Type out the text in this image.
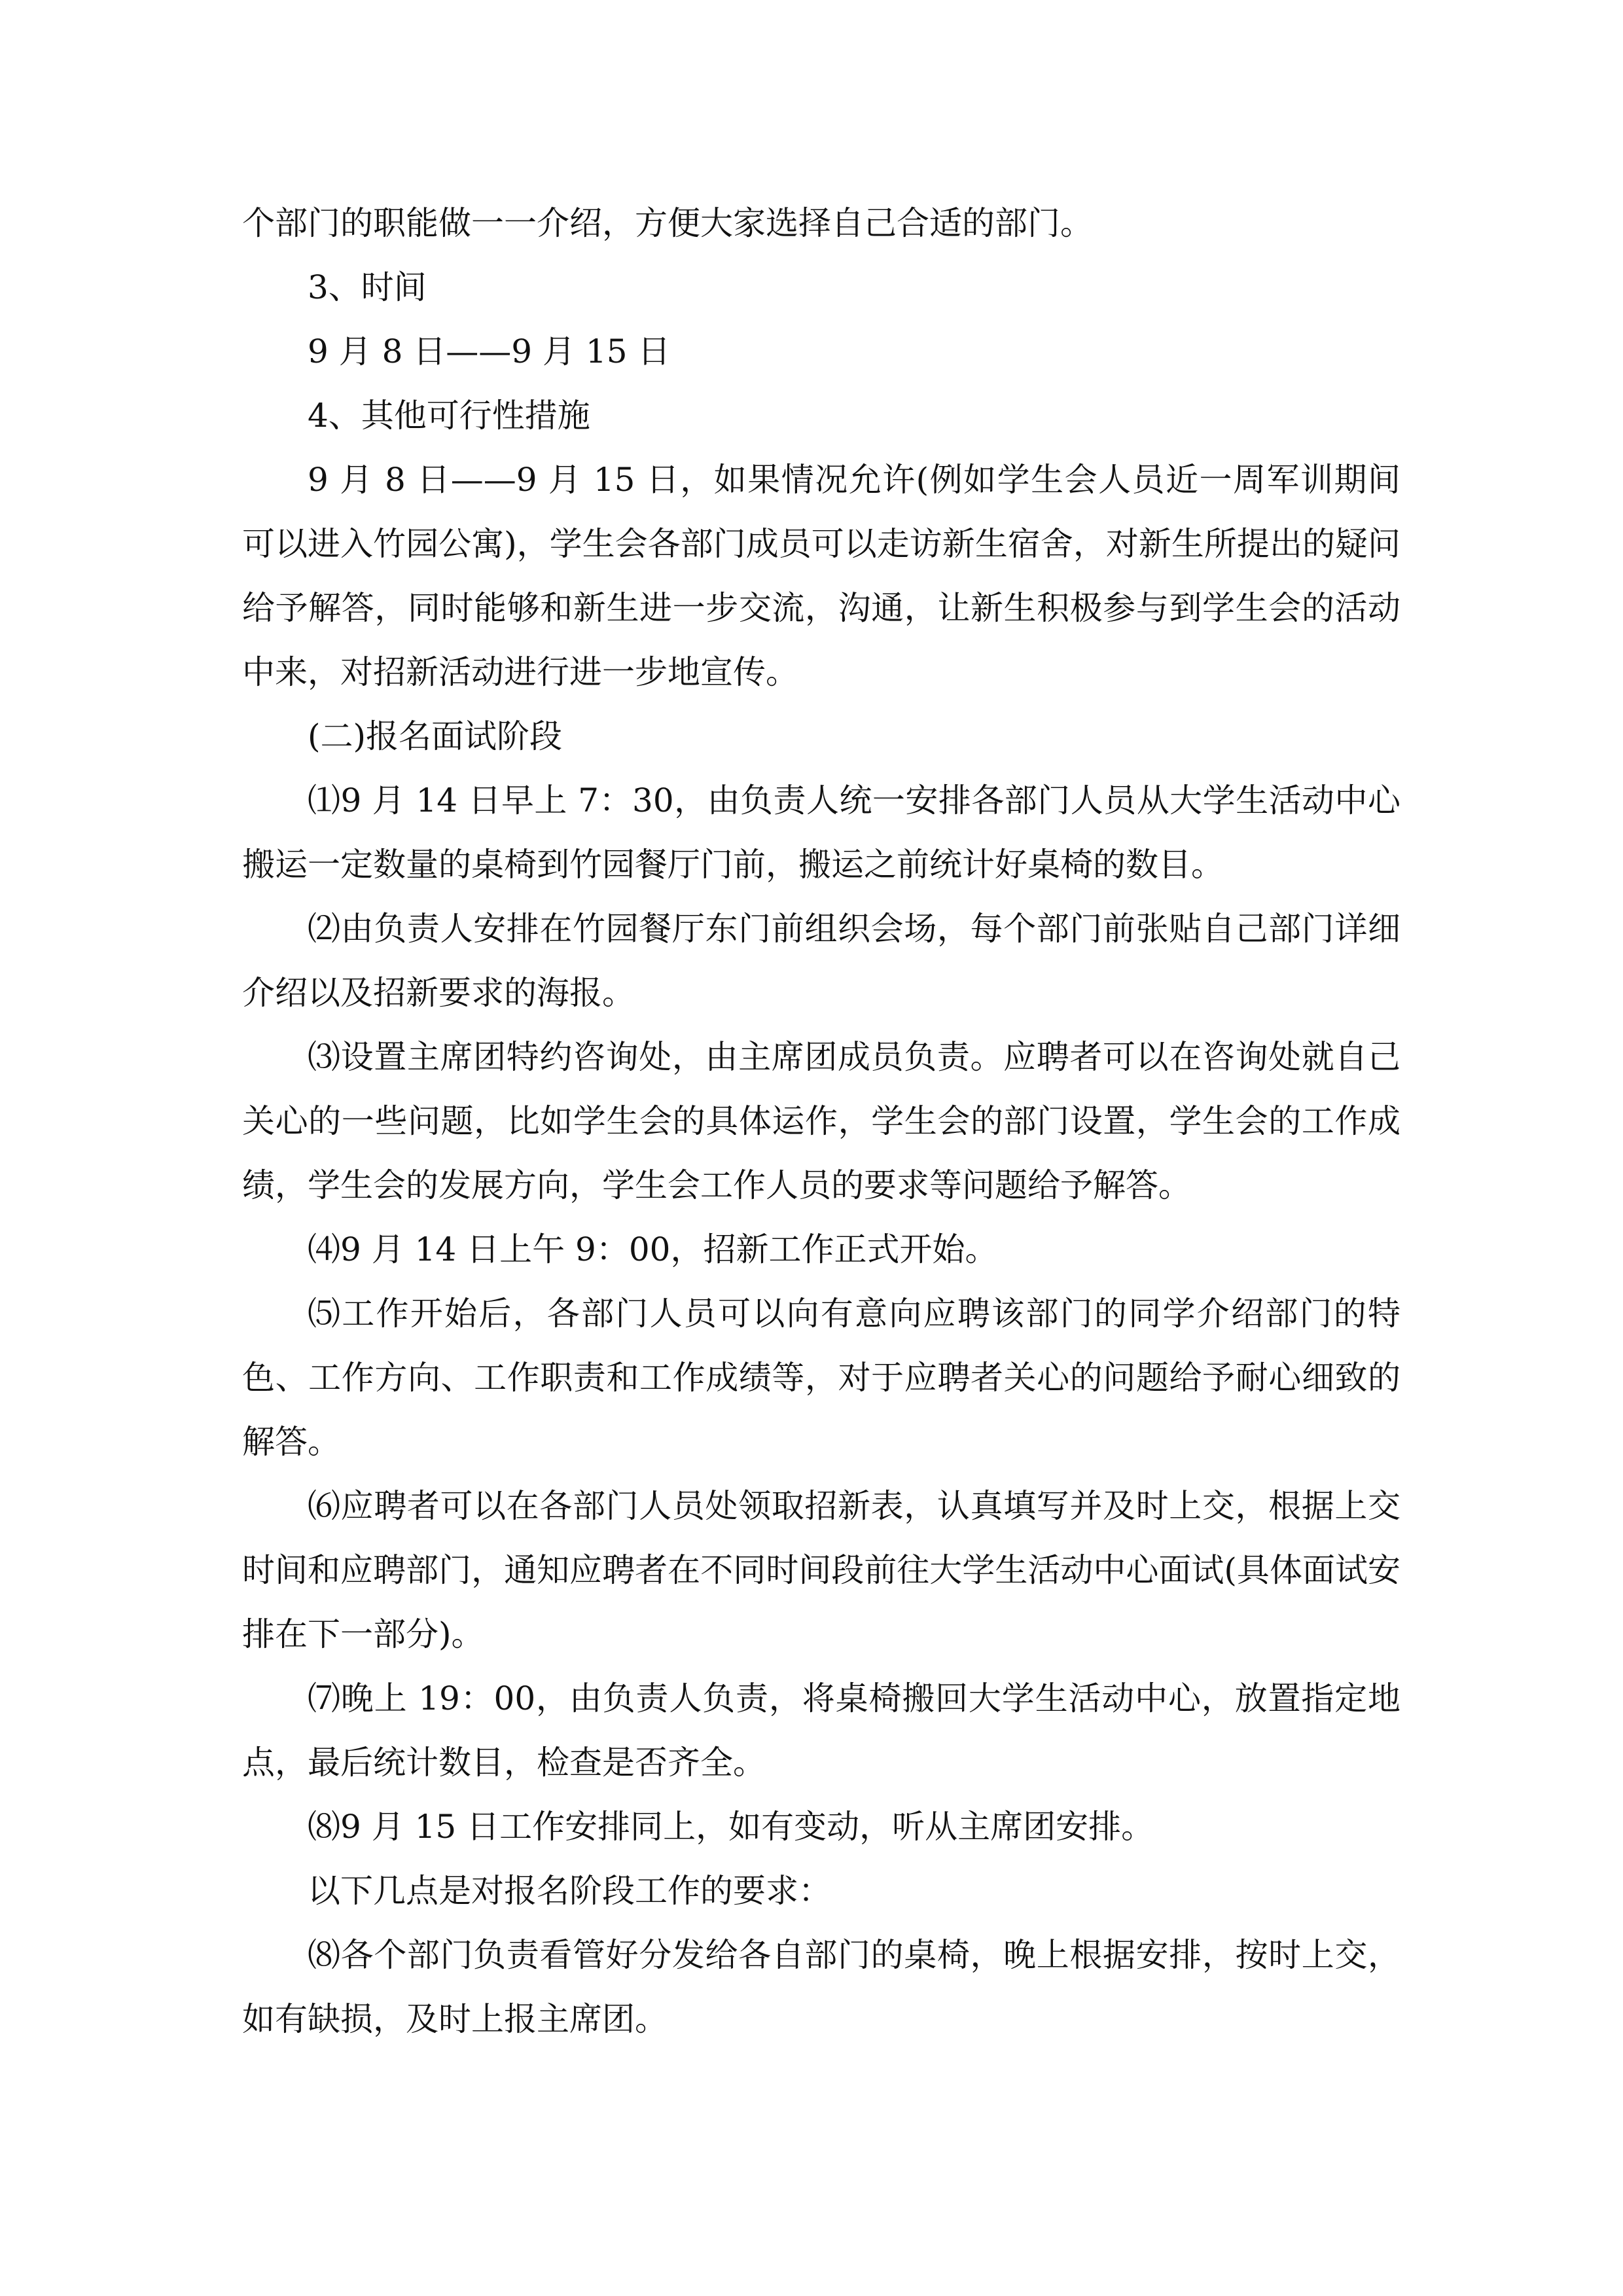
个部门的职能做一一介绍，方便大家选择自己合适的部门。

3、时间

9 月 8 日——9 月 15 日

4、其他可行性措施

9 月 8 日——9 月 15 日，如果情况允许(例如学生会人员近一周军训期间可以进入竹园公寓)，学生会各部门成员可以走访新生宿舍，对新生所提出的疑问给予解答，同时能够和新生进一步交流，沟通，让新生积极参与到学生会的活动中来，对招新活动进行进一步地宣传。

(二)报名面试阶段

⑴9 月 14 日早上 7：30，由负责人统一安排各部门人员从大学生活动中心搬运一定数量的桌椅到竹园餐厅门前，搬运之前统计好桌椅的数目。

⑵由负责人安排在竹园餐厅东门前组织会场，每个部门前张贴自己部门详细介绍以及招新要求的海报。

⑶设置主席团特约咨询处，由主席团成员负责。应聘者可以在咨询处就自己关心的一些问题，比如学生会的具体运作，学生会的部门设置，学生会的工作成绩，学生会的发展方向，学生会工作人员的要求等问题给予解答。

⑷9 月 14 日上午 9：00，招新工作正式开始。

⑸工作开始后，各部门人员可以向有意向应聘该部门的同学介绍部门的特色、工作方向、工作职责和工作成绩等，对于应聘者关心的问题给予耐心细致的解答。

⑹应聘者可以在各部门人员处领取招新表，认真填写并及时上交，根据上交时间和应聘部门，通知应聘者在不同时间段前往大学生活动中心面试(具体面试安排在下一部分)。

⑺晚上 19：00，由负责人负责，将桌椅搬回大学生活动中心，放置指定地点，最后统计数目，检查是否齐全。

⑻9 月 15 日工作安排同上，如有变动，听从主席团安排。

以下几点是对报名阶段工作的要求：

⑻各个部门负责看管好分发给各自部门的桌椅，晚上根据安排，按时上交，如有缺损，及时上报主席团。
